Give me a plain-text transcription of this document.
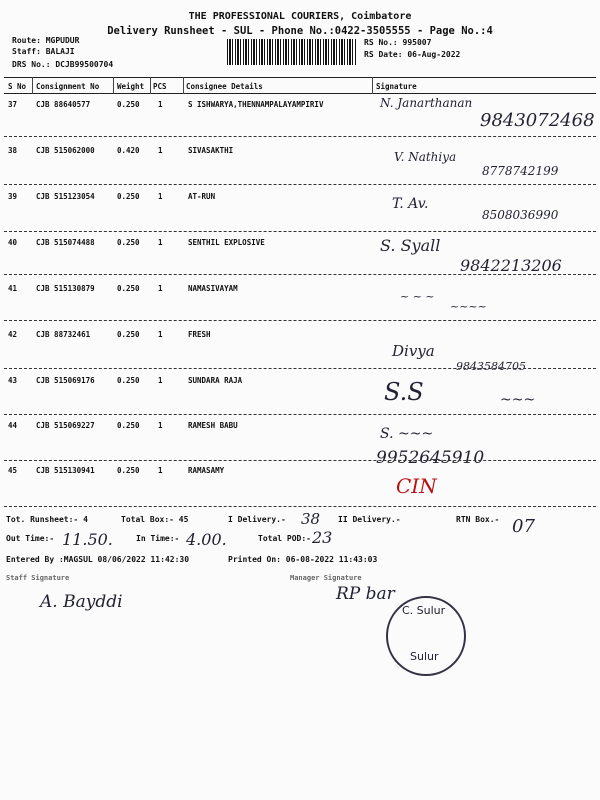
THE PROFESSIONAL COURIERS, Coimbatore
Delivery Runsheet - SUL - Phone No.:0422-3505555 - Page No.:4
Route: MGPUDUR
Staff: BALAJI
DRS No.: DCJB99500704
RS No.: 995007
RS Date: 06-Aug-2022
S No Consignment No Weight PCS	Consignee Details	Signature
37	CJB 88640577	0.250 1	S ISHWARYA,THENNAMPALAYAMPIRIV	N. Janarthanan
9843072468
38	CJB 515062000	0.420 1	SIVASAKTHI	V. Nathiya
8778742199
39	CJB 515123054	0.250 1	AT-RUN	T. Av.
8508036990
40	CJB 515074488	0.250 1	SENTHIL EXPLOSIVE	S. Syall
9842213206
41	CJB 515130879	0.250 1	NAMASIVAYAM
~ ~ ~
~~~~
42	CJB 88732461	0.250 1	FRESH
Divya
9843584705
43	CJB 515069176	0.250 1	SUNDARA RAJA	S.S	~~~
44	CJB 515069227	0.250 1	RAMESH BABU
S. ~~~
9952645910
45	CJB 515130941	0.250 1	RAMASAMY
CIN
Tot. Runsheet:- 4	Total Box:- 45	I Delivery.- 38 II Delivery.-	RTN Box.- 07
Out Time:- 11.50.	In Time:- 4.00.	Total POD:- 23
Entered By :MAGSUL 08/06/2022 11:42:30	Printed On: 06-08-2022 11:43:03
Staff Signature	Manager Signature
A. Bayddi	RP bar
C. Sulur
Sulur
